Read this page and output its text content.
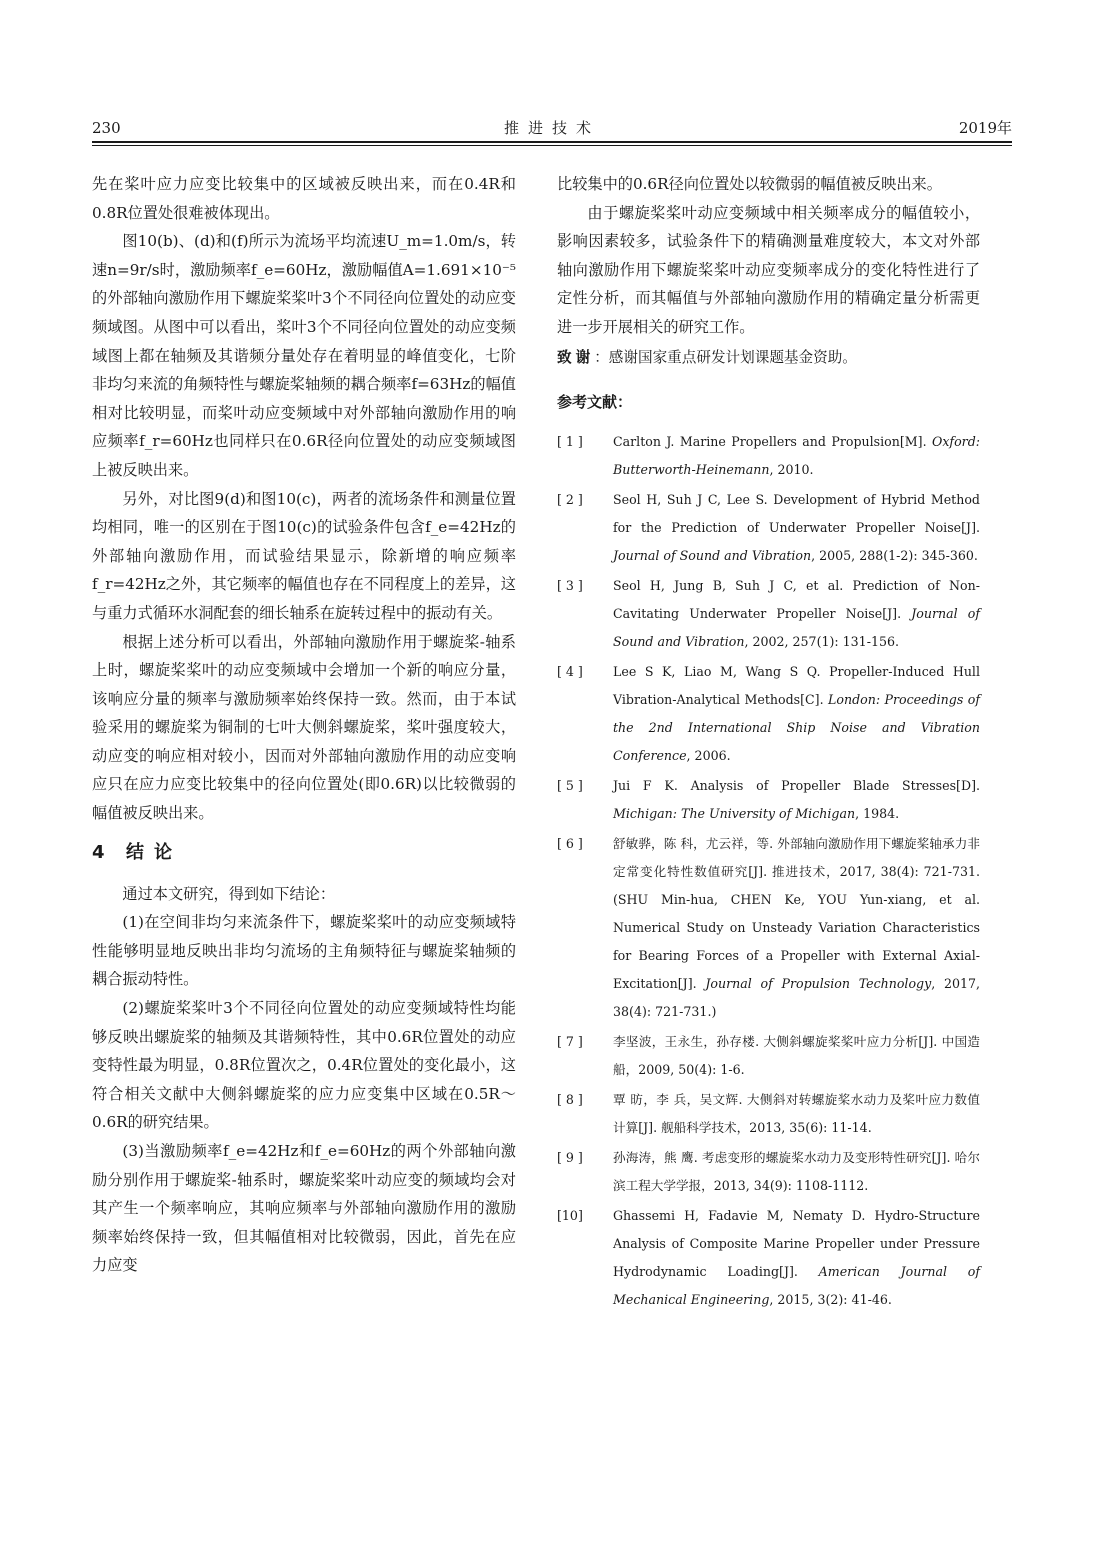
230	推进技术	2019年

先在桨叶应力应变比较集中的区域被反映出来，而在0.4R和0.8R位置处很难被体现出。

图10(b)、(d)和(f)所示为流场平均流速U_m=1.0m/s，转速n=9r/s时，激励频率f_e=60Hz，激励幅值A=1.691×10⁻⁵的外部轴向激励作用下螺旋桨桨叶3个不同径向位置处的动应变频域图。从图中可以看出，桨叶3个不同径向位置处的动应变频域图上都在轴频及其谐频分量处存在着明显的峰值变化，七阶非均匀来流的角频特性与螺旋桨轴频的耦合频率f=63Hz的幅值相对比较明显，而桨叶动应变频域中对外部轴向激励作用的响应频率f_r=60Hz也同样只在0.6R径向位置处的动应变频域图上被反映出来。

另外，对比图9(d)和图10(c)，两者的流场条件和测量位置均相同，唯一的区别在于图10(c)的试验条件包含f_e=42Hz的外部轴向激励作用，而试验结果显示，除新增的响应频率f_r=42Hz之外，其它频率的幅值也存在不同程度上的差异，这与重力式循环水洞配套的细长轴系在旋转过程中的振动有关。

根据上述分析可以看出，外部轴向激励作用于螺旋桨-轴系上时，螺旋桨桨叶的动应变频域中会增加一个新的响应分量，该响应分量的频率与激励频率始终保持一致。然而，由于本试验采用的螺旋桨为铜制的七叶大侧斜螺旋桨，桨叶强度较大，动应变的响应相对较小，因而对外部轴向激励作用的动应变响应只在应力应变比较集中的径向位置处(即0.6R)以比较微弱的幅值被反映出来。

4 结论

通过本文研究，得到如下结论：

(1)在空间非均匀来流条件下，螺旋桨桨叶的动应变频域特性能够明显地反映出非均匀流场的主角频特征与螺旋桨轴频的耦合振动特性。

(2)螺旋桨桨叶3个不同径向位置处的动应变频域特性均能够反映出螺旋桨的轴频及其谐频特性，其中0.6R位置处的动应变特性最为明显，0.8R位置次之，0.4R位置处的变化最小，这符合相关文献中大侧斜螺旋桨的应力应变集中区域在0.5R～0.6R的研究结果。

(3)当激励频率f_e=42Hz和f_e=60Hz的两个外部轴向激励分别作用于螺旋桨-轴系时，螺旋桨桨叶动应变的频域均会对其产生一个频率响应，其响应频率与外部轴向激励作用的激励频率始终保持一致，但其幅值相对比较微弱，因此，首先在应力应变

比较集中的0.6R径向位置处以较微弱的幅值被反映出来。

由于螺旋桨桨叶动应变频域中相关频率成分的幅值较小，影响因素较多，试验条件下的精确测量难度较大，本文对外部轴向激励作用下螺旋桨桨叶动应变频率成分的变化特性进行了定性分析，而其幅值与外部轴向激励作用的精确定量分析需更进一步开展相关的研究工作。

致谢：感谢国家重点研发计划课题基金资助。

参考文献：
[ 1 ]	Carlton J. Marine Propellers and Propulsion[M]. Oxford: Butterworth-Heinemann, 2010.
[ 2 ]	Seol H, Suh J C, Lee S. Development of Hybrid Method for the Prediction of Underwater Propeller Noise[J]. Journal of Sound and Vibration, 2005, 288(1-2): 345-360.
[ 3 ]	Seol H, Jung B, Suh J C, et al. Prediction of Non-Cavitating Underwater Propeller Noise[J]. Journal of Sound and Vibration, 2002, 257(1): 131-156.
[ 4 ]	Lee S K, Liao M, Wang S Q. Propeller-Induced Hull Vibration-Analytical Methods[C]. London: Proceedings of the 2nd International Ship Noise and Vibration Conference, 2006.
[ 5 ]	Jui F K. Analysis of Propeller Blade Stresses[D]. Michigan: The University of Michigan, 1984.
[ 6 ]	舒敏骅，陈 科，尤云祥，等. 外部轴向激励作用下螺旋桨轴承力非定常变化特性数值研究[J]. 推进技术，2017, 38(4): 721-731. (SHU Min-hua, CHEN Ke, YOU Yun-xiang, et al. Numerical Study on Unsteady Variation Characteristics for Bearing Forces of a Propeller with External Axial-Excitation[J]. Journal of Propulsion Technology, 2017, 38(4): 721-731.)
[ 7 ]	李坚波，王永生，孙存楼. 大侧斜螺旋桨桨叶应力分析[J]. 中国造船，2009, 50(4): 1-6.
[ 8 ]	覃 昉，李 兵，吴文辉. 大侧斜对转螺旋桨水动力及桨叶应力数值计算[J]. 舰船科学技术，2013, 35(6): 11-14.
[ 9 ]	孙海涛，熊 鹰. 考虑变形的螺旋桨水动力及变形特性研究[J]. 哈尔滨工程大学学报，2013, 34(9): 1108-1112.
[10]	Ghassemi H, Fadavie M, Nematy D. Hydro-Structure Analysis of Composite Marine Propeller under Pressure Hydrodynamic Loading[J]. American Journal of Mechanical Engineering, 2015, 3(2): 41-46.
